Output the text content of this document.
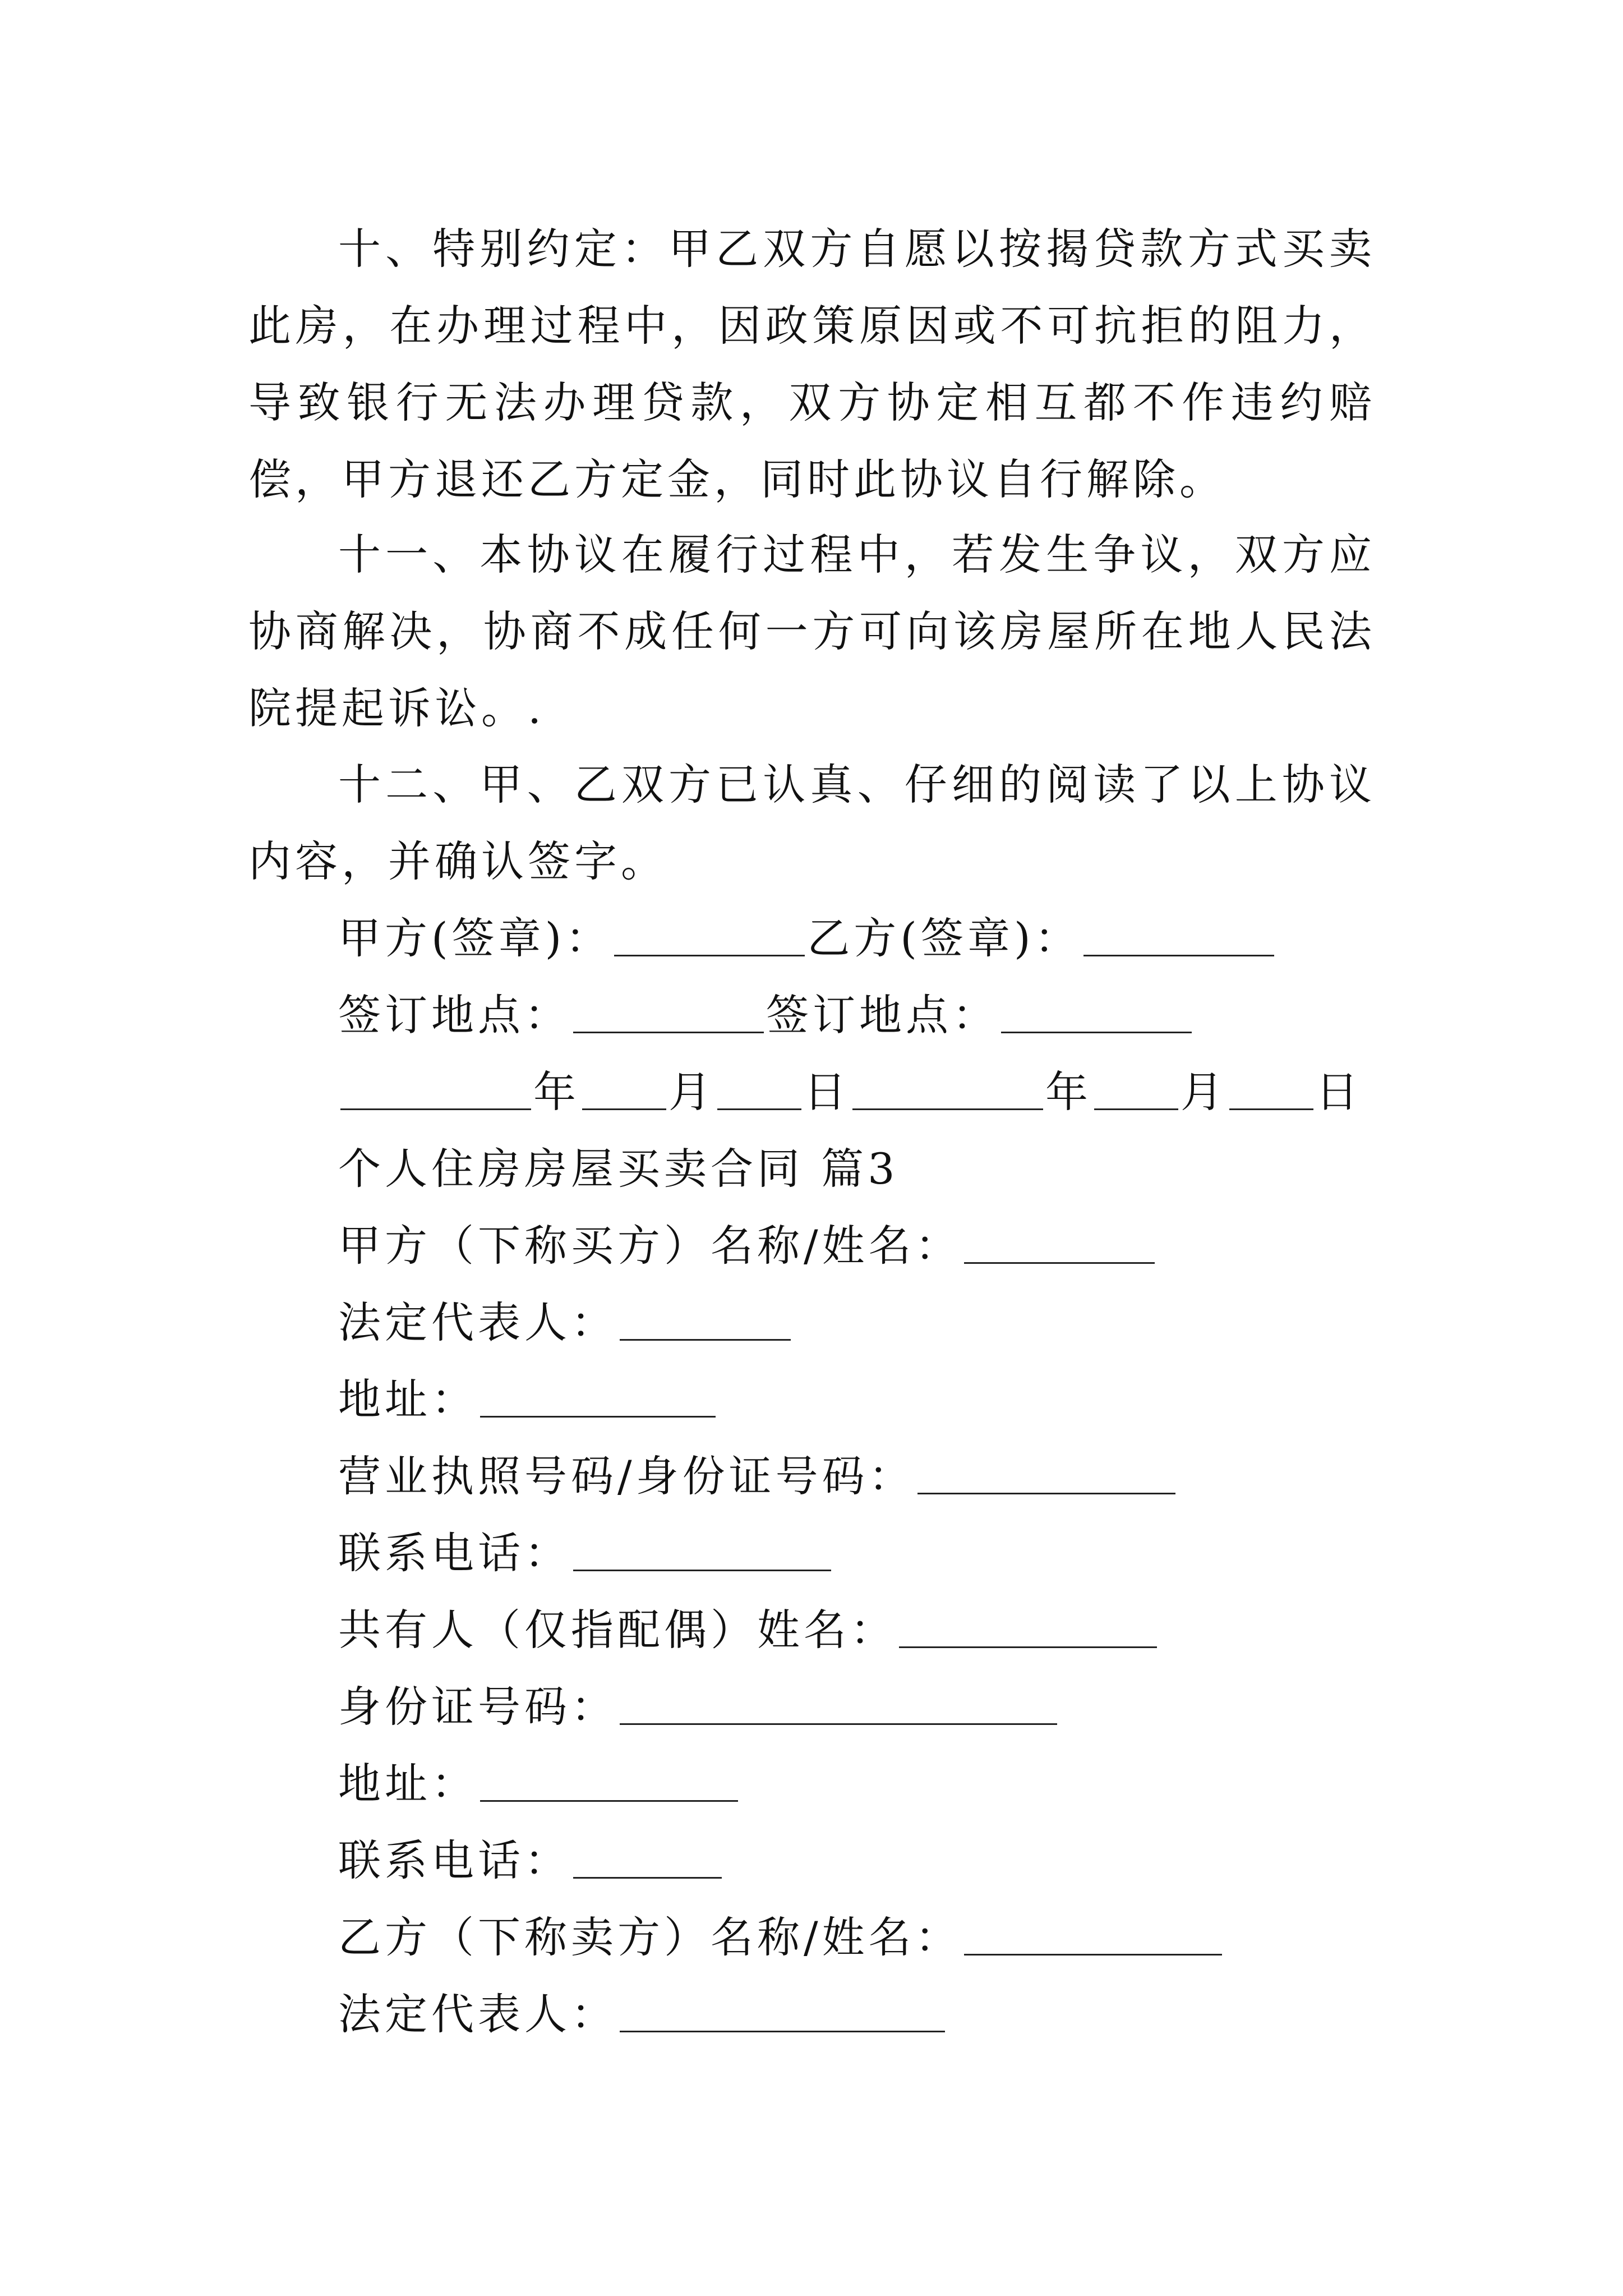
十、特别约定：甲乙双方自愿以按揭贷款方式买卖此房，在办理过程中，因政策原因或不可抗拒的阻力，导致银行无法办理贷款，双方协定相互都不作违约赔偿，甲方退还乙方定金，同时此协议自行解除。

十一、本协议在履行过程中，若发生争议，双方应协商解决，协商不成任何一方可向该房屋所在地人民法院提起诉讼。.

十二、甲、乙双方已认真、仔细的阅读了以上协议内容，并确认签字。

甲方(签章)：	乙方(签章)：
签订地点：	签订地点：
年 月 日	年 月 日
个人住房房屋买卖合同 篇3
甲方（下称买方）名称/姓名：
法定代表人：
地址：
营业执照号码/身份证号码：
联系电话：
共有人（仅指配偶）姓名：
身份证号码：
地址：
联系电话：
乙方（下称卖方）名称/姓名：
法定代表人：
